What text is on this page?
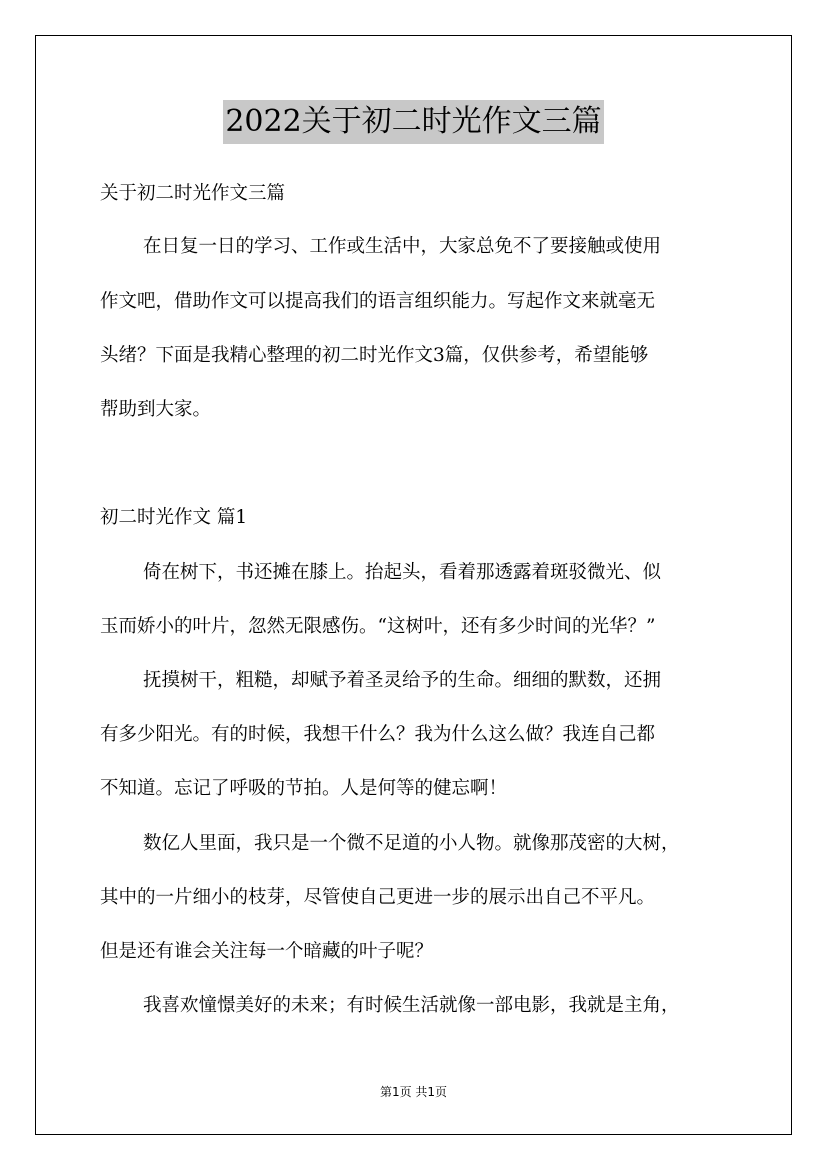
2022关于初二时光作文三篇
关于初二时光作文三篇
在日复一日的学习、工作或生活中，大家总免不了要接触或使用
作文吧，借助作文可以提高我们的语言组织能力。写起作文来就毫无
头绪？下面是我精心整理的初二时光作文3篇，仅供参考，希望能够
帮助到大家。
初二时光作文 篇1
倚在树下，书还摊在膝上。抬起头，看着那透露着斑驳微光、似
玉而娇小的叶片，忽然无限感伤。“这树叶，还有多少时间的光华？”
抚摸树干，粗糙，却赋予着圣灵给予的生命。细细的默数，还拥
有多少阳光。有的时候，我想干什么？我为什么这么做？我连自己都
不知道。忘记了呼吸的节拍。人是何等的健忘啊！
数亿人里面，我只是一个微不足道的小人物。就像那茂密的大树，
其中的一片细小的枝芽，尽管使自己更进一步的展示出自己不平凡。
但是还有谁会关注每一个暗藏的叶子呢？
我喜欢憧憬美好的未来；有时候生活就像一部电影，我就是主角，
第1页 共1页
